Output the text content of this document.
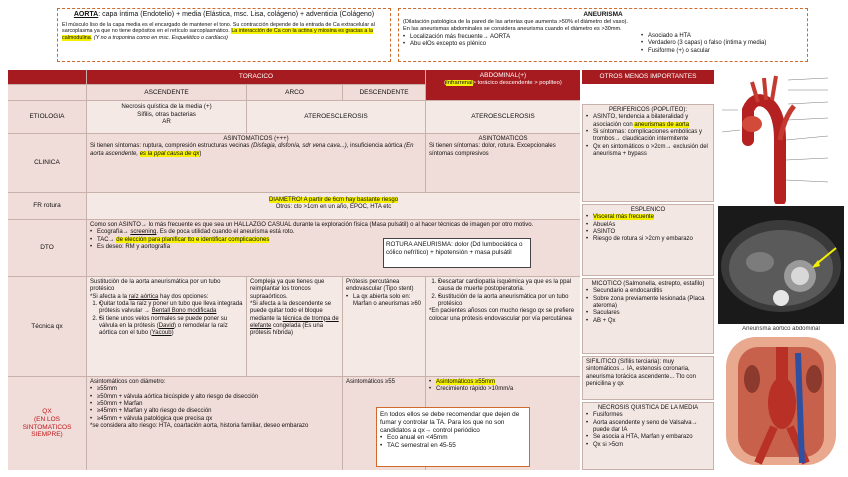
AORTA: capa íntima (Endotelio) + media (Elástica, msc. Lisa, colágeno) + adventicia (Colágeno)
El músculo liso de la capa media es el encargado de mantener el tono. Su contracción depende de la entrada de Ca extracelular al sarcoplasma ya que no tiene depósitos en el retículo sarcoplasmático. La interacción de Ca con la actina y miosina es gracias a la calmodulina. (Y no a troponina como en msc. Esquelético o cardíaco)
ANEURISMA
(Dilatación patológica de la pared de las arterias que aumenta >50% el diámetro del vaso). En las aneurismas abdominales se considera aneurisma cuando el diámetro es >30mm.
• Localización más frecuente→ AORTA
• Abu elOs excepto es plénico
• Asociado a HTA
• Verdadero (3 capas) o falso (íntima y media)
• Fusiforme (+) o sacular
TORACICO	ABDOMINAL(+)
Infrarrenal> torácico descendente > poplíteo)
ASCENDENTE	ARCO	DESCENDENTE
ETIOLOGIA
Necrosis quística de la media (+)
Sífilis, otras bacterias
AR
ATEROESCLEROSIS	ATEROESCLEROSIS
CLINICA
ASINTOMATICOS (+++)
Si tienen síntomas: ruptura, compresión estructuras vecinas (Disfagia, disfonía, sdr vena cava...), insuficiencia aórtica (En aorta ascendente, es la ppal causa de qx)
ASINTOMATICOS
Si tienen síntomas: dolor, rotura. Excepcionales síntomas compresivos
FR rotura
DIAMETRO! A partir de 6cm hay bastante riesgo
Otros: cto >1cm en un año, EPOC, HTA etc
DTO
Como son ASINTO→ lo más frecuente es que sea un HALLAZGO CASUAL durante la exploración física (Masa pulsátil) o al hacer técnicas de imagen por otro motivo.
• Ecografía→ screening. Es de poca utilidad cuando el aneurisma está roto.
• TAC→ de elección para planificar tto e identificar complicaciones
• Es deseo: RM y aortografía	ROTURA ANEURISMA: dolor (Dd lumbociática o cólico nefrítico) + hipotensión + masa pulsátil
Técnica qx
Sustitución de la aorta aneurismática por un tubo protésico
*Si afecta a la raíz aórtica hay dos opciones:
• 1. Quitar toda la raíz y poner un tubo que lleva integrada prótesis valvular → Bentall Bono modificada
• 2. Si tiene unos velos normales se puede poner su válvula en la prótesis (David) o remodelar la raíz aórtica con el tubo (Yacoub)
Compleja ya que tienes que reimplantar los troncos supraaórticos.
*Si afecta a la descendente se puede quitar todo el bloque mediante la técnica de trompa de elefante congelada (Es una prótesis híbrida)
Prótesis percutánea endovascular (Tipo stent)
• La qx abierta solo en: Marfan o aneurismas ≥60
• 1. Descartar cardiopatía isquémica ya que es la ppal causa de muerte postoperatoria.
• 2. Sustitución de la aorta aneurismática por un tubo protésico
*En pacientes añosos con mucho riesgo qx se prefiere colocar una prótesis endovascular por vía percutánea
QX
(EN LOS SINTOMATICOS SIEMPRE)
Asintomáticos con diámetro:
• ≥55mm
• ≥50mm + válvula aórtica bicúspide y alto riesgo de disección
• ≥50mm + Marfan
• ≥45mm + Marfan y alto riesgo de disección
• ≥45mm + válvula patológica que precisa qx
*se considera alto riesgo: HTA, coartación aorta, historia familiar, deseo embarazo
Asintomáticos ≥55
•	Asintomáticos ≥55mm
• Crecimiento rápido >10mm/a
En todos ellos se debe recomendar que dejen de fumar y controlar la TA. Para los que no son candidatos a qx→ control periódico
• Eco anual en <45mm
• TAC semestral en 45-55
OTROS MENOS IMPORTANTES
PERIFERICOS (POPLITEO):
• ASINTO, tendencia a bilateralidad y asociación con aneurismas de aorta
• Si síntomas: complicaciones embólicas y trombos→ claudicación intermitente
• Qx en sintomáticos o >2cm→ exclusión del aneurisma + bypass
ESPLENICO
• Visceral más frecuente
• AbuelAs
• ASINTO
• Riesgo de rotura si >2cm y embarazo
MICOTICO (Salmonella, estrepto, estafilo)
• Secundario a endocarditis
• Sobre zona previamente lesionada (Placa ateroma)
• Saculares
• AB + Qx
SIFILITICO (Sífilis terciaria): muy sintomáticos→ IA, estenosis coronaria, aneurisma torácica ascendente... Tto con penicilina y qx
NECROSIS QUISTICA DE LA MEDIA
• Fusiformes
• Aorta ascendente y seno de Valsalva→ puede dar IA
• Se asocia a HTA, Marfan y embarazo
• Qx si >5cm
Aneurisma aórtico abdominal
